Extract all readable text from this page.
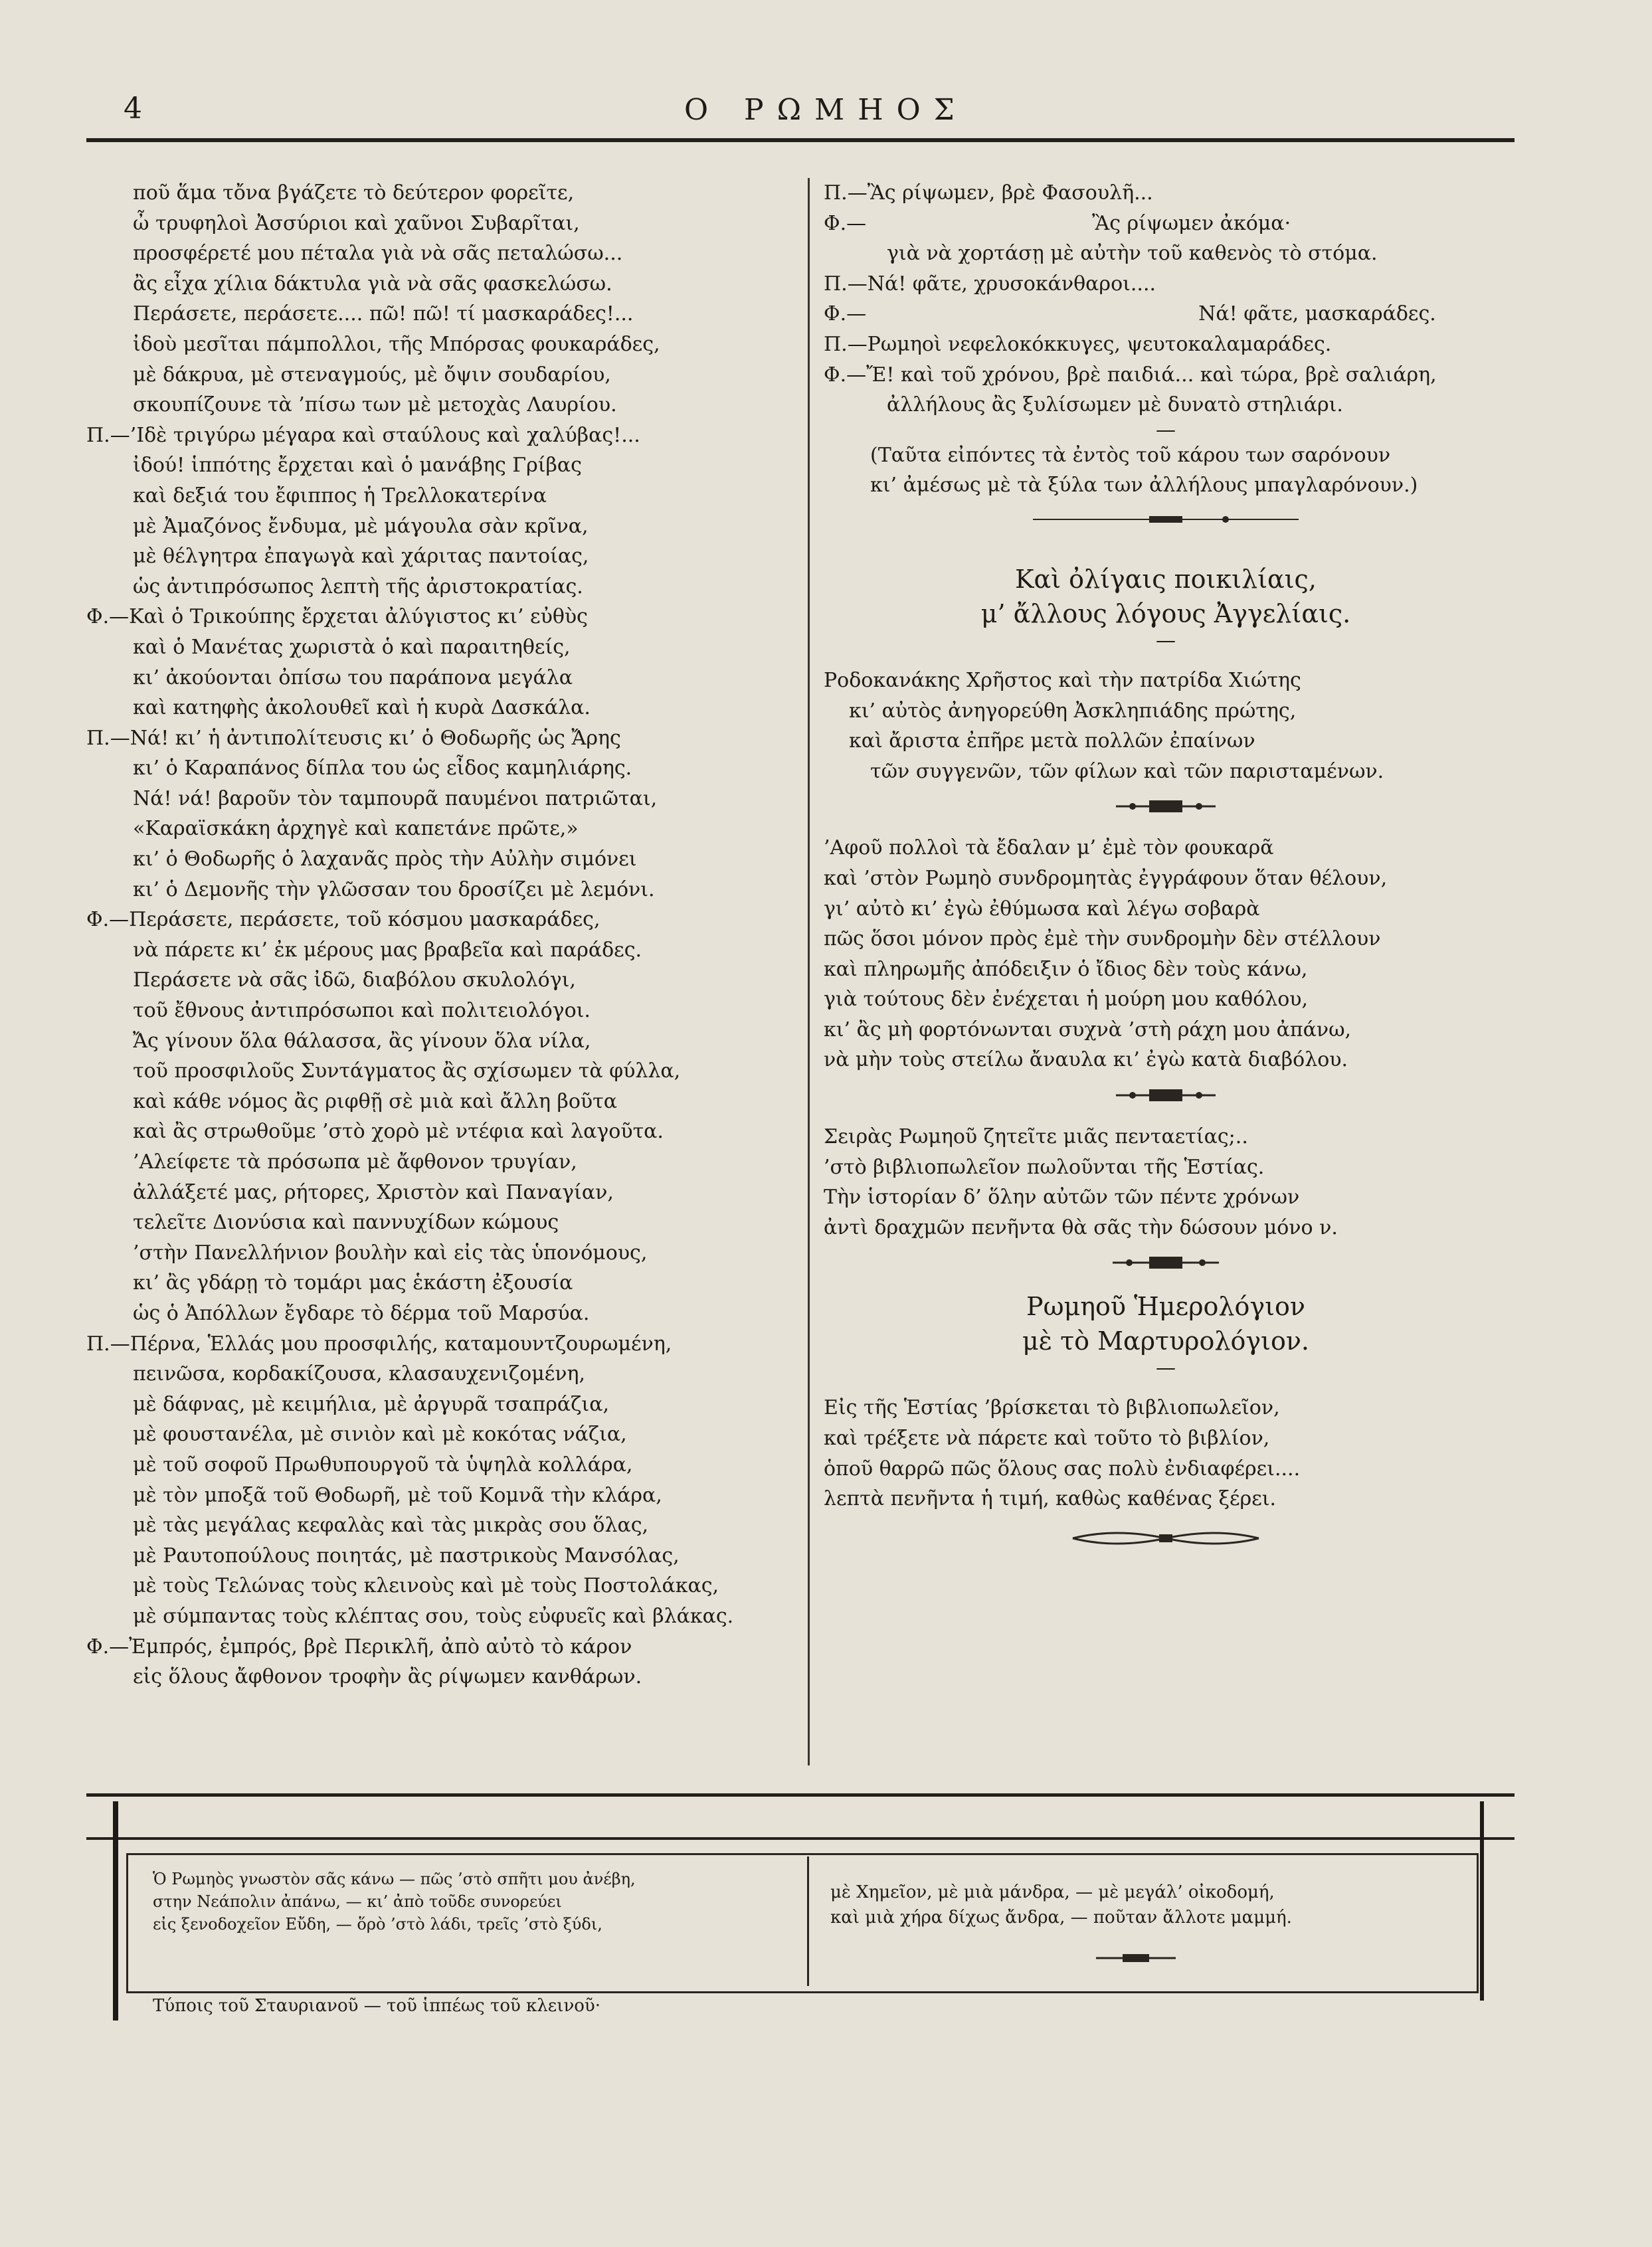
4	Ο ΡΩΜΗΟΣ
ποῦ ἅμα τὄνα βγάζετε τὸ δεύτερον φορεῖτε,
ὦ τρυφηλοὶ Ἀσσύριοι καὶ χαῦνοι Συβαρῖται,
προσφέρετέ μου πέταλα γιὰ νὰ σᾶς πεταλώσω...
ἂς εἶχα χίλια δάκτυλα γιὰ νὰ σᾶς φασκελώσω.
Περάσετε, περάσετε.... πῶ! πῶ! τί μασκαράδες!...
ἰδοὺ μεσῖται πάμπολλοι, τῆς Μπόρσας φουκαράδες,
μὲ δάκρυα, μὲ στεναγμούς, μὲ ὄψιν σουδαρίου,
σκουπίζουνε τὰ ’πίσω των μὲ μετοχὰς Λαυρίου.
Π.—’Ιδὲ τριγύρω μέγαρα καὶ σταύλους καὶ χαλύβας!...
ἰδού! ἱππότης ἔρχεται καὶ ὁ μανάβης Γρίβας
καὶ δεξιά του ἔφιππος ἡ Τρελλοκατερίνα
μὲ Ἀμαζόνος ἔνδυμα, μὲ μάγουλα σὰν κρῖνα,
μὲ θέλγητρα ἐπαγωγὰ καὶ χάριτας παντοίας,
ὡς ἀντιπρόσωπος λεπτὴ τῆς ἀριστοκρατίας.
Φ.—Καὶ ὁ Τρικούπης ἔρχεται ἀλύγιστος κι’ εὐθὺς
καὶ ὁ Μανέτας χωριστὰ ὁ καὶ παραιτηθείς,
κι’ ἀκούονται ὀπίσω του παράπονα μεγάλα
καὶ κατηφὴς ἀκολουθεῖ καὶ ἡ κυρὰ Δασκάλα.
Π.—Νά! κι’ ἡ ἀντιπολίτευσις κι’ ὁ Θοδωρῆς ὡς Ἄρης
κι’ ὁ Καραπάνος δίπλα του ὡς εἶδος καμηλιάρης.
Νά! νά! βαροῦν τὸν ταμπουρᾶ παυμένοι πατριῶται,
«Καραϊσκάκη ἀρχηγὲ καὶ καπετάνε πρῶτε,»
κι’ ὁ Θοδωρῆς ὁ λαχανᾶς πρὸς τὴν Αὐλὴν σιμόνει
κι’ ὁ Δεμονῆς τὴν γλῶσσαν του δροσίζει μὲ λεμόνι.
Φ.—Περάσετε, περάσετε, τοῦ κόσμου μασκαράδες,
νὰ πάρετε κι’ ἐκ μέρους μας βραβεῖα καὶ παράδες.
Περάσετε νὰ σᾶς ἰδῶ, διαβόλου σκυλολόγι,
τοῦ ἔθνους ἀντιπρόσωποι καὶ πολιτειολόγοι.
Ἄς γίνουν ὅλα θάλασσα, ἂς γίνουν ὅλα νίλα,
τοῦ προσφιλοῦς Συντάγματος ἂς σχίσωμεν τὰ φύλλα,
καὶ κάθε νόμος ἂς ριφθῇ σὲ μιὰ καὶ ἄλλη βοῦτα
καὶ ἂς στρωθοῦμε ’στὸ χορὸ μὲ ντέφια καὶ λαγοῦτα.
’Αλείφετε τὰ πρόσωπα μὲ ἄφθονον τρυγίαν,
ἀλλάξετέ μας, ρήτορες, Χριστὸν καὶ Παναγίαν,
τελεῖτε Διονύσια καὶ παννυχίδων κώμους
’στὴν Πανελλήνιον βουλὴν καὶ εἰς τὰς ὑπονόμους,
κι’ ἂς γδάρῃ τὸ τομάρι μας ἑκάστη ἐξουσία
ὡς ὁ Ἀπόλλων ἔγδαρε τὸ δέρμα τοῦ Μαρσύα.
Π.—Πέρνα, Ἑλλάς μου προσφιλής, καταμουντζουρωμένη,
πεινῶσα, κορδακίζουσα, κλασαυχενιζομένη,
μὲ δάφνας, μὲ κειμήλια, μὲ ἀργυρᾶ τσαπράζια,
μὲ φουστανέλα, μὲ σινιὸν καὶ μὲ κοκότας νάζια,
μὲ τοῦ σοφοῦ Πρωθυπουργοῦ τὰ ὑψηλὰ κολλάρα,
μὲ τὸν μποξᾶ τοῦ Θοδωρῆ, μὲ τοῦ Κομνᾶ τὴν κλάρα,
μὲ τὰς μεγάλας κεφαλὰς καὶ τὰς μικρὰς σου ὅλας,
μὲ Ραυτοπούλους ποιητάς, μὲ παστρικοὺς Μανσόλας,
μὲ τοὺς Τελώνας τοὺς κλεινοὺς καὶ μὲ τοὺς Ποστολάκας,
μὲ σύμπαντας τοὺς κλέπτας σου, τοὺς εὐφυεῖς καὶ βλάκας.
Φ.—Ἐμπρός, ἐμπρός, βρὲ Περικλῆ, ἀπὸ αὐτὸ τὸ κάρον
εἰς ὅλους ἄφθονον τροφὴν ἂς ρίψωμεν κανθάρων.
Π.—Ἂς ρίψωμεν, βρὲ Φασουλῆ...
Φ.—	Ἂς ρίψωμεν ἀκόμα·
γιὰ νὰ χορτάσῃ μὲ αὐτὴν τοῦ καθενὸς τὸ στόμα.
Π.—Νά! φᾶτε, χρυσοκάνθαροι....
Φ.—	Νά! φᾶτε, μασκαράδες.
Π.—Ρωμηοὶ νεφελοκόκκυγες, ψευτοκαλαμαράδες.
Φ.—Ἔ! καὶ τοῦ χρόνου, βρὲ παιδιά... καὶ τώρα, βρὲ σαλιάρη,
ἀλλήλους ἂς ξυλίσωμεν μὲ δυνατὸ στηλιάρι.
—
(Ταῦτα εἰπόντες τὰ ἐντὸς τοῦ κάρου των σαρόνουν
κι’ ἀμέσως μὲ τὰ ξύλα των ἀλλήλους μπαγλαρόνουν.)
Καὶ ὀλίγαις ποικιλίαις,
μ’ ἄλλους λόγους Ἀγγελίαις.
—
Ροδοκανάκης Χρῆστος καὶ τὴν πατρίδα Χιώτης
κι’ αὐτὸς ἀνηγορεύθη Ἀσκληπιάδης πρώτης,
καὶ ἄριστα ἐπῆρε μετὰ πολλῶν ἐπαίνων
τῶν συγγενῶν, τῶν φίλων καὶ τῶν παρισταμένων.
’Αφοῦ πολλοὶ τὰ ἔδαλαν μ’ ἐμὲ τὸν φουκαρᾶ
καὶ ’στὸν Ρωμηὸ συνδρομητὰς ἐγγράφουν ὅταν θέλουν,
γι’ αὐτὸ κι’ ἐγὼ ἐθύμωσα καὶ λέγω σοβαρὰ
πῶς ὅσοι μόνον πρὸς ἐμὲ τὴν συνδρομὴν δὲν στέλλουν
καὶ πληρωμῆς ἀπόδειξιν ὁ ἴδιος δὲν τοὺς κάνω,
γιὰ τούτους δὲν ἐνέχεται ἡ μούρη μου καθόλου,
κι’ ἂς μὴ φορτόνωνται συχνὰ ’στὴ ράχη μου ἀπάνω,
νὰ μὴν τοὺς στείλω ἄναυλα κι’ ἐγὼ κατὰ διαβόλου.
Σειρὰς Ρωμηοῦ ζητεῖτε μιᾶς πενταετίας;..
’στὸ βιβλιοπωλεῖον πωλοῦνται τῆς Ἑστίας.
Τὴν ἱστορίαν δ’ ὅλην αὐτῶν τῶν πέντε χρόνων
ἀντὶ δραχμῶν πενῆντα θὰ σᾶς τὴν δώσουν μόνο ν.
Ρωμηοῦ Ἡμερολόγιον
μὲ τὸ Μαρτυρολόγιον.
—
Εἰς τῆς Ἑστίας ’βρίσκεται τὸ βιβλιοπωλεῖον,
καὶ τρέξετε νὰ πάρετε καὶ τοῦτο τὸ βιβλίον,
ὁποῦ θαρρῶ πῶς ὅλους σας πολὺ ἐνδιαφέρει....
λεπτὰ πενῆντα ἡ τιμή, καθὼς καθένας ξέρει.
Ὁ Ρωμηὸς γνωστὸν σᾶς κάνω — πῶς ’στὸ σπῆτι μου ἀνέβη,
στην Νεάπολιν ἀπάνω, — κι’ ἀπὸ τοῦδε συνορεύει
εἰς ξενοδοχεῖον Εὔδη, — ὅρὸ ’στὸ λάδι, τρεῖς ’στὸ ξύδι,
μὲ Χημεῖον, μὲ μιὰ μάνδρα, — μὲ μεγάλ’ οἰκοδομή,
καὶ μιὰ χήρα δίχως ἄνδρα, — ποῦταν ἄλλοτε μαμμή.
Τύποις τοῦ Σταυριανοῦ — τοῦ ἱππέως τοῦ κλεινοῦ·
